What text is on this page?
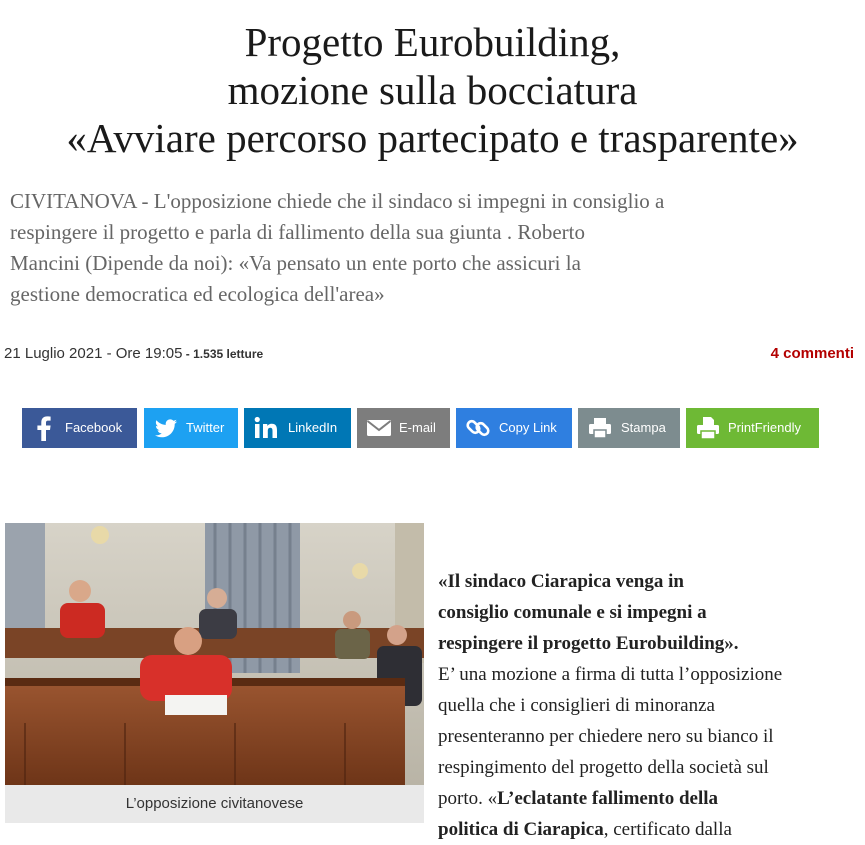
Progetto Eurobuilding,
mozione sulla bocciatura
«Avviare percorso partecipato e trasparente»

CIVITANOVA - L'opposizione chiede che il sindaco si impegni in consiglio a
respingere il progetto e parla di fallimento della sua giunta . Roberto
Mancini (Dipende da noi): «Va pensato un ente porto che assicuri la
gestione democratica ed ecologica dell'area»

21 Luglio 2021 - Ore 19:05 - 1.535 letture	4 commenti
Facebook	Twitter	LinkedIn	E-mail	Copy Link	Stampa	PrintFriendly
L’opposizione civitanovese
«Il sindaco Ciarapica venga in
consiglio comunale e si impegni a
respingere il progetto Eurobuilding».
E’ una mozione a firma di tutta l’opposizione
quella che i consiglieri di minoranza
presenteranno per chiedere nero su bianco il
respingimento del progetto della società sul
porto. «L’eclatante fallimento della
politica di Ciarapica, certificato dalla
